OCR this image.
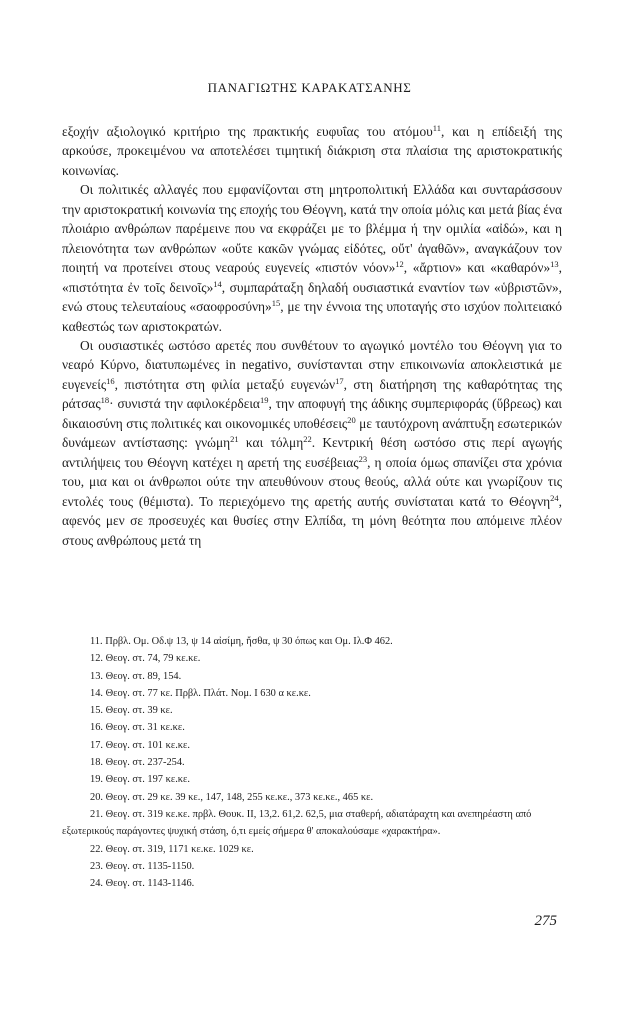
ΠΑΝΑΓΙΩΤΗΣ ΚΑΡΑΚΑΤΣΑΝΗΣ

εξοχήν αξιολογικό κριτήριο της πρακτικής ευφυΐας του ατόμου$^{11}$, και η επίδειξή της αρκούσε, προκειμένου να αποτελέσει τιμητική διάκριση στα πλαίσια της αριστοκρατικής κοινωνίας.

Οι πολιτικές αλλαγές που εμφανίζονται στη μητροπολιτική Ελλάδα και συνταράσσουν την αριστοκρατική κοινωνία της εποχής του Θέογνη, κατά την οποία μόλις και μετά βίας ένα πλοιάριο ανθρώπων παρέμεινε που να εκφράζει με το βλέμμα ή την ομιλία «αἰδώ», και η πλειονότητα των ανθρώπων «οὔτε κακῶν γνώμας εἰδότες, οὔτ' ἀγαθῶν», αναγκάζουν τον ποιητή να προτείνει στους νεαρούς ευγενείς «πιστόν νόον»$^{12}$, «ἄρτιον» και «καθαρόν»$^{13}$, «πιστότητα ἐν τοῖς δεινοῖς»$^{14}$, συμπαράταξη δηλαδή ουσιαστικά εναντίον των «ὑβριστῶν», ενώ στους τελευταίους «σαοφροσύνη»$^{15}$, με την έννοια της υποταγής στο ισχύον πολιτειακό καθεστώς των αριστοκρατών.

Οι ουσιαστικές ωστόσο αρετές που συνθέτουν το αγωγικό μοντέλο του Θέογνη για το νεαρό Κύρνο, διατυπωμένες in negativo, συνίστανται στην επικοινωνία αποκλειστικά με ευγενείς$^{16}$, πιστότητα στη φιλία μεταξύ ευγενών$^{17}$, στη διατήρηση της καθαρότητας της ράτσας$^{18}$· συνιστά την αφιλοκέρδεια$^{19}$, την αποφυγή της άδικης συμπεριφοράς (ὕβρεως) και δικαιοσύνη στις πολιτικές και οικονομικές υποθέσεις$^{20}$ με ταυτόχρονη ανάπτυξη εσωτερικών δυνάμεων αντίστασης: γνώμη$^{21}$ και τόλμη$^{22}$. Κεντρική θέση ωστόσο στις περί αγωγής αντιλήψεις του Θέογνη κατέχει η αρετή της ευσέβειας$^{23}$, η οποία όμως σπανίζει στα χρόνια του, μια και οι άνθρωποι ούτε την απευθύνουν στους θεούς, αλλά ούτε και γνωρίζουν τις εντολές τους (θέμιστα). Το περιεχόμενο της αρετής αυτής συνίσταται κατά το Θέογνη$^{24}$, αφενός μεν σε προσευχές και θυσίες στην Ελπίδα, τη μόνη θεότητα που απόμεινε πλέον στους ανθρώπους μετά τη

11. Πρβλ. Ομ. Οδ.ψ 13, ψ 14 αἰσίμη, ἤσθα, ψ 30 όπως και Ομ. Ιλ.Φ 462.
12. Θεογ. στ. 74, 79 κε.κε.
13. Θεογ. στ. 89, 154.
14. Θεογ. στ. 77 κε. Πρβλ. Πλάτ. Νομ. Ι 630 α κε.κε.
15. Θεογ. στ. 39 κε.
16. Θεογ. στ. 31 κε.κε.
17. Θεογ. στ. 101 κε.κε.
18. Θεογ. στ. 237-254.
19. Θεογ. στ. 197 κε.κε.
20. Θεογ. στ. 29 κε. 39 κε., 147, 148, 255 κε.κε., 373 κε.κε., 465 κε.
21. Θεογ. στ. 319 κε.κε. πρβλ. Θουκ. ΙΙ, 13,2. 61,2. 62,5, μια σταθερή, αδιατάραχτη και ανεπηρέαστη από εξωτερικούς παράγοντες ψυχική στάση, ό,τι εμείς σήμερα θ' αποκαλούσαμε «χαρακτήρα».
22. Θεογ. στ. 319, 1171 κε.κε. 1029 κε.
23. Θεογ. στ. 1135-1150.
24. Θεογ. στ. 1143-1146.
275
